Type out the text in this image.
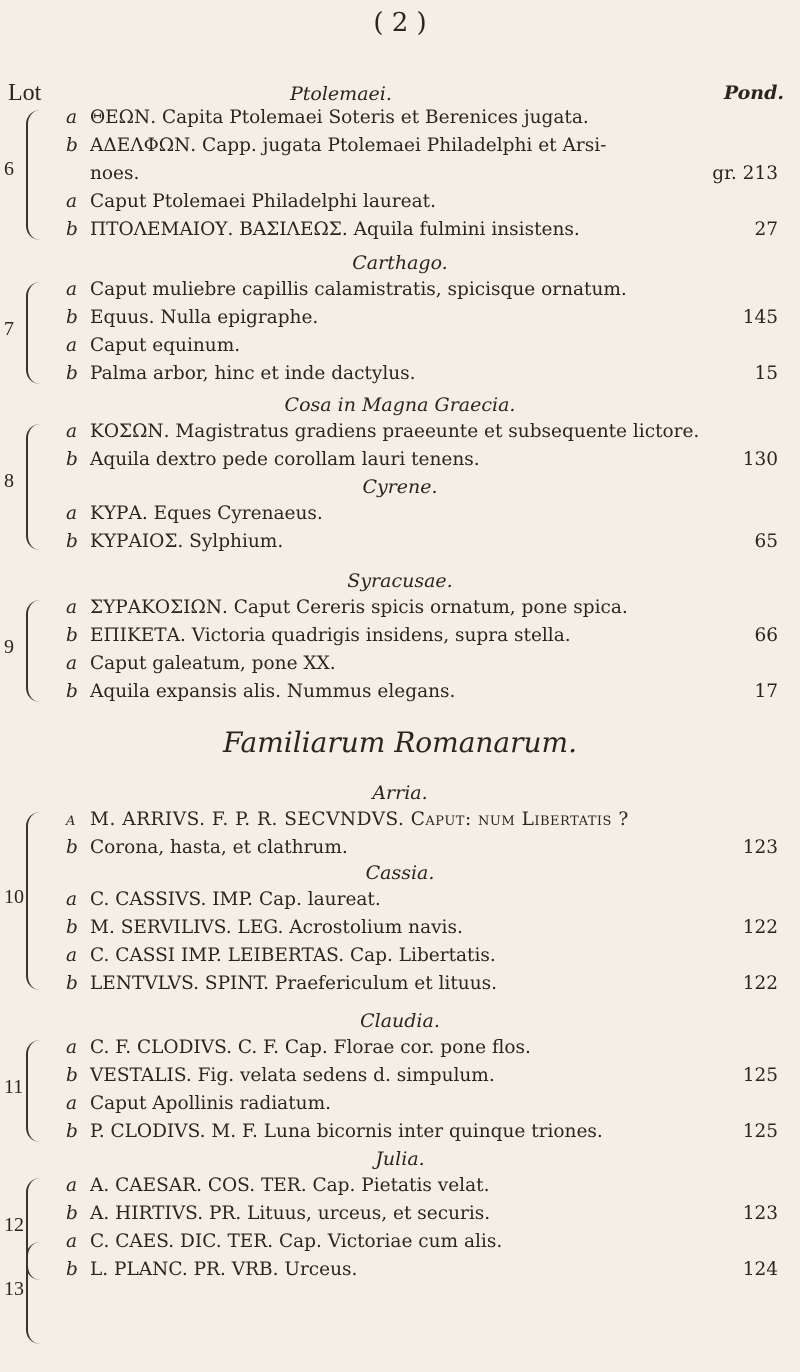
( 2 )
Lot	Ptolemaei.	Pond.
6
a ΘΕΩΝ. Capita Ptolemaei Soteris et Berenices jugata.
b ΑΔΕΛΦΩΝ. Capp. jugata Ptolemaei Philadelphi et Arsi-
noes.	gr. 213
a Caput Ptolemaei Philadelphi laureat.
b ΠΤΟΛΕΜΑΙΟΥ. ΒΑΣΙΛΕΩΣ. Aquila fulmini insistens.	27
Carthago.
7
a Caput muliebre capillis calamistratis, spicisque ornatum.
b Equus. Nulla epigraphe.	145
a Caput equinum.
b Palma arbor, hinc et inde dactylus.	15
Cosa in Magna Graecia.
8
a ΚΟΣΩΝ. Magistratus gradiens praeeunte et subsequente lictore.
b Aquila dextro pede corollam lauri tenens.	130
Cyrene.
a ΚΥΡΑ. Eques Cyrenaeus.
b ΚΥΡΑΙΟΣ. Sylphium.	65
Syracusae.
9
a ΣΥΡΑΚΟΣΙΩΝ. Caput Cereris spicis ornatum, pone spica.
b ΕΠΙΚΕΤΑ. Victoria quadrigis insidens, supra stella.	66
a Caput galeatum, pone XX.
b Aquila expansis alis. Nummus elegans.	17
Familiarum Romanarum.
Arria.
10
a M. ARRIVS. F. P. R. SECVNDVS. Caput: num Libertatis ?
b Corona, hasta, et clathrum.	123
Cassia.
a C. CASSIVS. IMP. Cap. laureat.
b M. SERVILIVS. LEG. Acrostolium navis.	122
a C. CASSI IMP. LEIBERTAS. Cap. Libertatis.
b LENTVLVS. SPINT. Praefericulum et lituus.	122
Claudia.
11
a C. F. CLODIVS. C. F. Cap. Florae cor. pone flos.
b VESTALIS. Fig. velata sedens d. simpulum.	125
a Caput Apollinis radiatum.
b P. CLODIVS. M. F. Luna bicornis inter quinque triones.	125
Julia.
12
a A. CAESAR. COS. TER. Cap. Pietatis velat.
b A. HIRTIVS. PR. Lituus, urceus, et securis.	123
a C. CAES. DIC. TER. Cap. Victoriae cum alis.
b L. PLANC. PR. VRB. Urceus.	124
13
